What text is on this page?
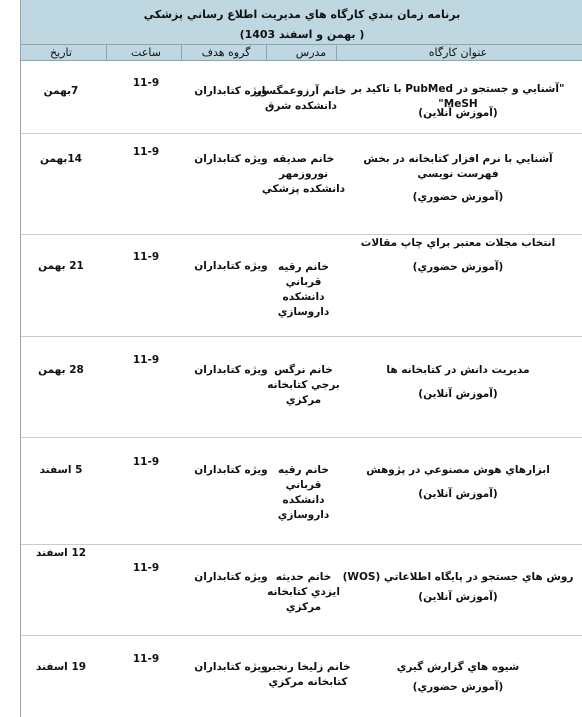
برنامه زمان بندي كارگاه هاي مديريت اطلاع رساني پزشكي
( بهمن و اسفند 1403)
عنوان كارگاه
مدرس
گروه هدف
ساعت
تاريخ
"آشنايي و جستجو در PubMed با تاكيد بر MeSH"
(آموزش آنلاين)
خانم آرزوعمگسار دانشكده شرق
ويژه كتابداران
11-9
7بهمن
آشنايي با نرم افزار كتابخانه در بخش فهرست نويسي
(آموزش حضوري)
خانم صديقه نوروزمهر دانشكده پزشكي
ويژه كتابداران
11-9
14بهمن
انتخاب مجلات معتبر براي چاپ مقالات
(آموزش حضوري)
خانم رقيه قرباني دانشكده داروسازي
ويژه كتابداران
11-9
21 بهمن
مديريت دانش در كتابخانه ها
(آموزش آنلاين)
خانم نرگس برجي كتابخانه مركزي
ويژه كتابداران
11-9
28 بهمن
ابزارهاي هوش مصنوعي در پژوهش
(آموزش آنلاين)
خانم رقيه قرباني دانشكده داروسازي
ويژه كتابداران
11-9
5 اسفند
روش هاي جستجو در پايگاه اطلاعاتي (WOS)
(آموزش آنلاين)
خانم حديثه ايزدي كتابخانه مركزي
ويژه كتابداران
11-9
12 اسفند
شيوه هاي گزارش گيري
(آموزش حضوري)
خانم زليخا رنجبر كتابخانه مركزي
ويژه كتابداران
11-9
19 اسفند
